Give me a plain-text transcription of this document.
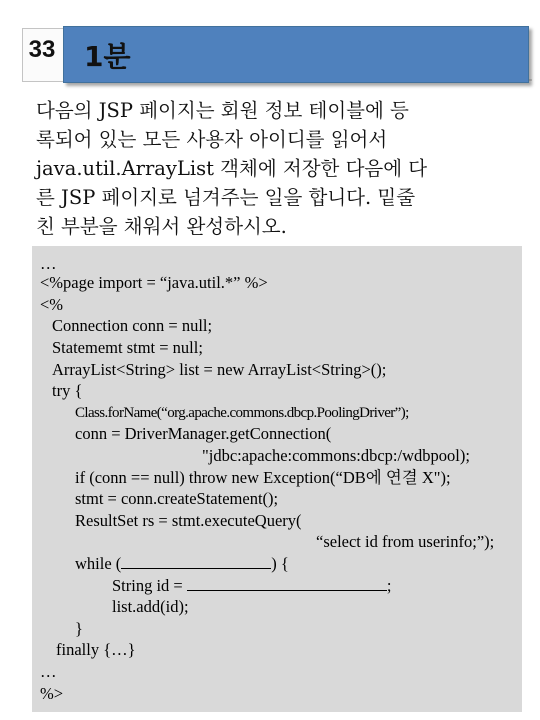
33 1분
다음의 JSP 페이지는 회원 정보 테이블에 등
록되어 있는 모든 사용자 아이디를 읽어서
java.util.ArrayList 객체에 저장한 다음에 다
른 JSP 페이지로 넘겨주는 일을 합니다. 밑줄
친 부분을 채워서 완성하시오.
…
<%page import = “java.util.*” %>
<%
Connection conn = null;
Statememt stmt = null;
ArrayList<String> list = new ArrayList<String>();
try {
Class.forName(“org.apache.commons.dbcp.PoolingDriver”);
conn = DriverManager.getConnection(
"jdbc:apache:commons:dbcp:/wdbpool);
if (conn == null) throw new Exception(“DB에 연결 X");
stmt = conn.createStatement();
ResultSet rs = stmt.executeQuery(
“select id from userinfo;”);
while (	) {
String id =	;
list.add(id);
}
finally {…}
…
%>
